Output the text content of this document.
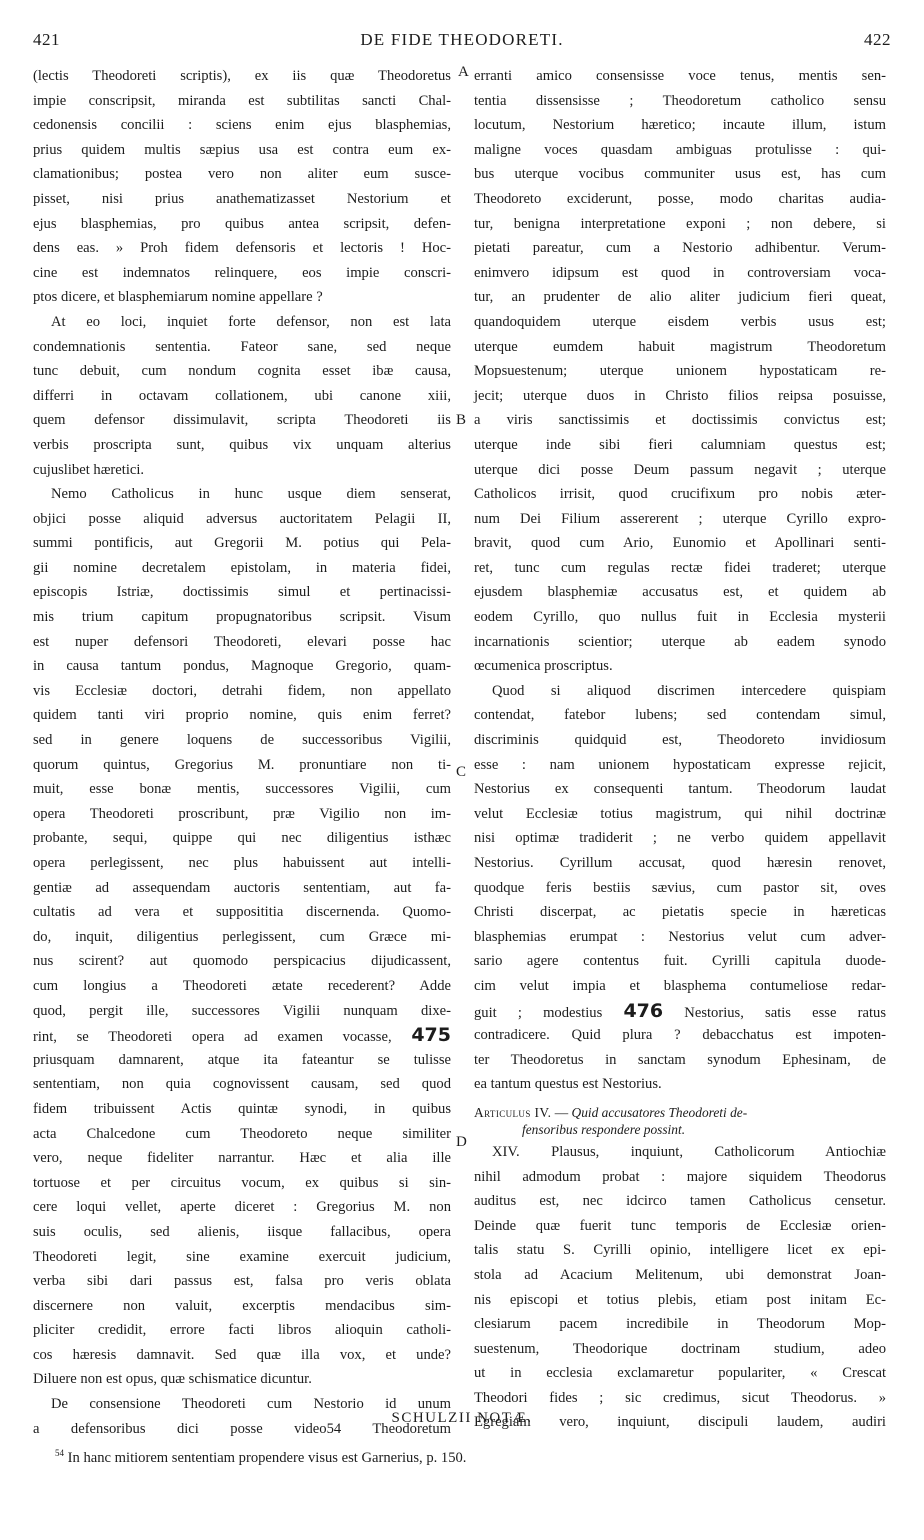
421	DE FIDE THEODORETI.	422
A
B
C
D
(lectis Theodoreti scriptis), ex iis quæ Theodoretus
impie conscripsit, miranda est subtilitas sancti Chal-
cedonensis concilii : sciens enim ejus blasphemias,
prius quidem multis sæpius usa est contra eum ex-
clamationibus; postea vero non aliter eum susce-
pisset, nisi prius anathematizasset Nestorium et
ejus blasphemias, pro quibus antea scripsit, defen-
dens eas. » Proh fidem defensoris et lectoris ! Hoc-
cine est indemnatos relinquere, eos impie conscri-
ptos dicere, et blasphemiarum nomine appellare ?
At eo loci, inquiet forte defensor, non est lata
condemnationis sententia. Fateor sane, sed neque
tunc debuit, cum nondum cognita esset ibæ causa,
differri in octavam collationem, ubi canone xiii,
quem defensor dissimulavit, scripta Theodoreti iis
verbis proscripta sunt, quibus vix unquam alterius
cujuslibet hæretici.
Nemo Catholicus in hunc usque diem senserat,
objici posse aliquid adversus auctoritatem Pelagii II,
summi pontificis, aut Gregorii M. potius qui Pela-
gii nomine decretalem epistolam, in materia fidei,
episcopis Istriæ, doctissimis simul et pertinacissi-
mis trium capitum propugnatoribus scripsit. Visum
est nuper defensori Theodoreti, elevari posse hac
in causa tantum pondus, Magnoque Gregorio, quam-
vis Ecclesiæ doctori, detrahi fidem, non appellato
quidem tanti viri proprio nomine, quis enim ferret?
sed in genere loquens de successoribus Vigilii,
quorum quintus, Gregorius M. pronuntiare non ti-
muit, esse bonæ mentis, successores Vigilii, cum
opera Theodoreti proscribunt, præ Vigilio non im-
probante, sequi, quippe qui nec diligentius isthæc
opera perlegissent, nec plus habuissent aut intelli-
gentiæ ad assequendam auctoris sententiam, aut fa-
cultatis ad vera et supposititia discernenda. Quomo-
do, inquit, diligentius perlegissent, cum Græce mi-
nus scirent? aut quomodo perspicacius dijudicassent,
cum longius a Theodoreti ætate recederent? Adde
quod, pergit ille, successores Vigilii nunquam dixe-
rint, se Theodoreti opera ad examen vocasse, 475
priusquam damnarent, atque ita fateantur se tulisse
sententiam, non quia cognovissent causam, sed quod
fidem tribuissent Actis quintæ synodi, in quibus
acta Chalcedone cum Theodoreto neque similiter
vero, neque fideliter narrantur. Hæc et alia ille
tortuose et per circuitus vocum, ex quibus si sin-
cere loqui vellet, aperte diceret : Gregorius M. non
suis oculis, sed alienis, iisque fallacibus, opera
Theodoreti legit, sine examine exercuit judicium,
verba sibi dari passus est, falsa pro veris oblata
discernere non valuit, excerptis mendacibus sim-
pliciter credidit, errore facti libros alioquin catholi-
cos hæresis damnavit. Sed quæ illa vox, et unde?
Diluere non est opus, quæ schismatice dicuntur.
De consensione Theodoreti cum Nestorio id unum
a defensoribus dici posse video54 Theodoretum
erranti amico consensisse voce tenus, mentis sen-
tentia dissensisse ; Theodoretum catholico sensu
locutum, Nestorium hæretico; incaute illum, istum
maligne voces quasdam ambiguas protulisse : qui-
bus uterque vocibus communiter usus est, has cum
Theodoreto exciderunt, posse, modo charitas audia-
tur, benigna interpretatione exponi ; non debere, si
pietati pareatur, cum a Nestorio adhibentur. Verum-
enimvero idipsum est quod in controversiam voca-
tur, an prudenter de alio aliter judicium fieri queat,
quandoquidem uterque eisdem verbis usus est;
uterque eumdem habuit magistrum Theodoretum
Mopsuestenum; uterque unionem hypostaticam re-
jecit; uterque duos in Christo filios reipsa posuisse,
a viris sanctissimis et doctissimis convictus est;
uterque inde sibi fieri calumniam questus est;
uterque dici posse Deum passum negavit ; uterque
Catholicos irrisit, quod crucifixum pro nobis æter-
num Dei Filium assererent ; uterque Cyrillo expro-
bravit, quod cum Ario, Eunomio et Apollinari senti-
ret, tunc cum regulas rectæ fidei traderet; uterque
ejusdem blasphemiæ accusatus est, et quidem ab
eodem Cyrillo, quo nullus fuit in Ecclesia mysterii
incarnationis scientior; uterque ab eadem synodo
œcumenica proscriptus.
Quod si aliquod discrimen intercedere quispiam
contendat, fatebor lubens; sed contendam simul,
discriminis quidquid est, Theodoreto invidiosum
esse : nam unionem hypostaticam expresse rejicit,
Nestorius ex consequenti tantum. Theodorum laudat
velut Ecclesiæ totius magistrum, qui nihil doctrinæ
nisi optimæ tradiderit ; ne verbo quidem appellavit
Nestorius. Cyrillum accusat, quod hæresin renovet,
quodque feris bestiis sævius, cum pastor sit, oves
Christi discerpat, ac pietatis specie in hæreticas
blasphemias erumpat : Nestorius velut cum adver-
sario agere contentus fuit. Cyrilli capitula duode-
cim velut impia et blasphema contumeliose redar-
guit ; modestius 476 Nestorius, satis esse ratus
contradicere. Quid plura ? debacchatus est impoten-
ter Theodoretus in sanctam synodum Ephesinam, de
ea tantum questus est Nestorius.
Articulus IV. — Quid accusatores Theodoreti de-
fensoribus respondere possint.
XIV. Plausus, inquiunt, Catholicorum Antiochiæ
nihil admodum probat : majore siquidem Theodorus
auditus est, nec idcirco tamen Catholicus censetur.
Deinde quæ fuerit tunc temporis de Ecclesiæ orien-
talis statu S. Cyrilli opinio, intelligere licet ex epi-
stola ad Acacium Melitenum, ubi demonstrat Joan-
nis episcopi et totius plebis, etiam post initam Ec-
clesiarum pacem incredibile in Theodorum Mop-
suestenum, Theodorique doctrinam studium, adeo
ut in ecclesia exclamaretur populariter, « Crescat
Theodori fides ; sic credimus, sicut Theodorus. »
Egregiam vero, inquiunt, discipuli laudem, audiri
SCHULZII NOTÆ.
$^{54}$ In hanc mitiorem sententiam propendere visus est Garnerius, p. 150.
